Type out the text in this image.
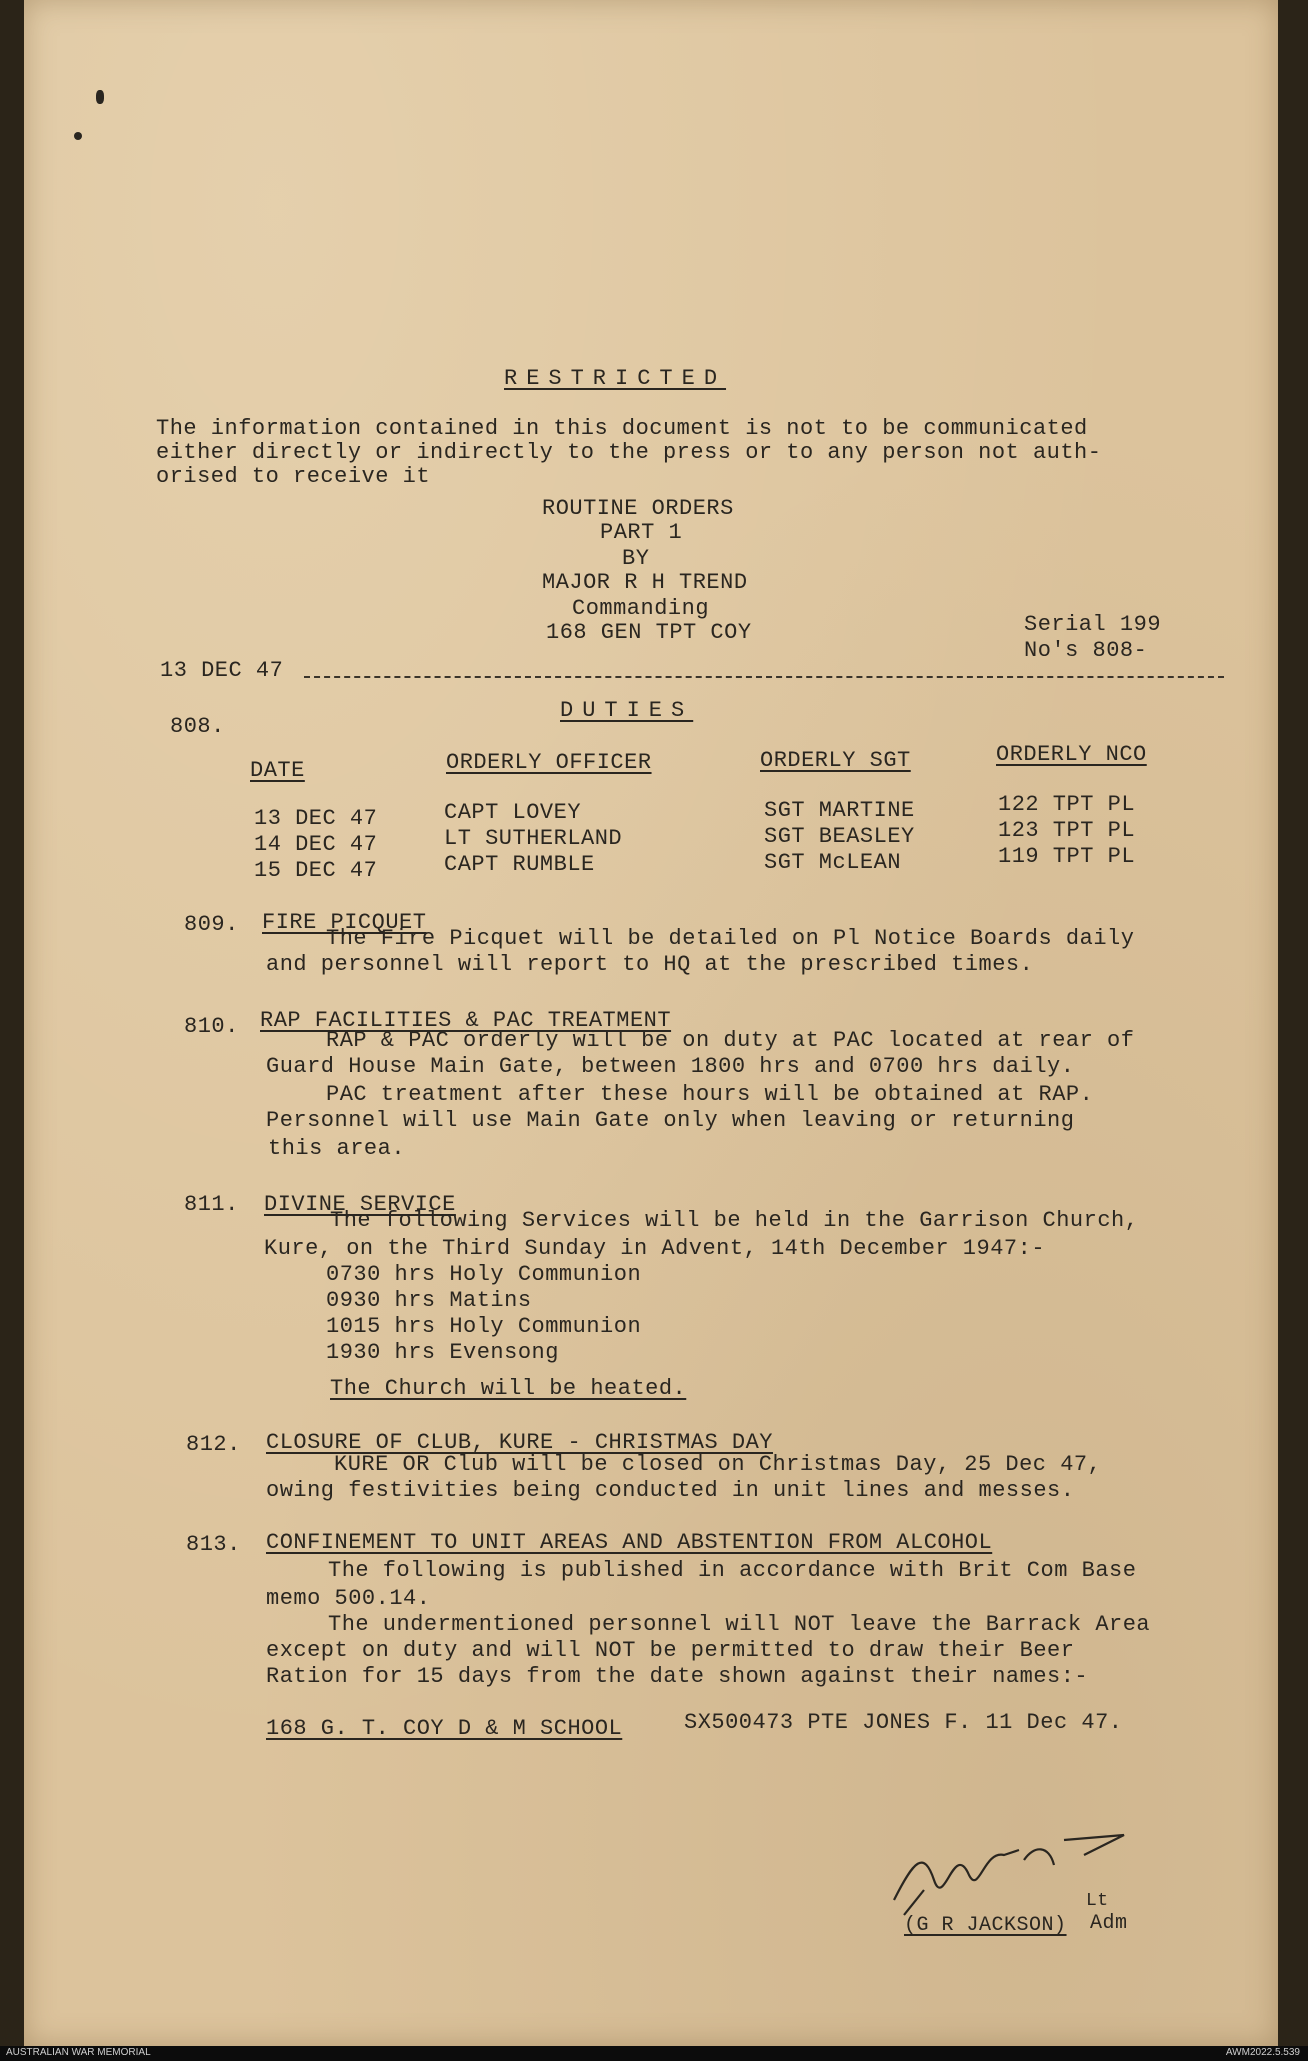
RESTRICTED
The information contained in this document is not to be communicated
either directly or indirectly to the press or to any person not auth-
orised to receive it
ROUTINE ORDERS
PART 1
BY
MAJOR R H TREND
Commanding
168 GEN TPT COY	Serial 199
No's 808-
13 DEC 47
808.
DUTIES
DATE	ORDERLY OFFICER	ORDERLY SGT	ORDERLY NCO
13 DEC 47	CAPT LOVEY	SGT MARTINE	122 TPT PL
14 DEC 47	LT SUTHERLAND	SGT BEASLEY	123 TPT PL
15 DEC 47	CAPT RUMBLE	SGT McLEAN	119 TPT PL
809. FIRE PICQUET
The Fire Picquet will be detailed on Pl Notice Boards daily
and personnel will report to HQ at the prescribed times.
810. RAP FACILITIES & PAC TREATMENT
RAP & PAC orderly will be on duty at PAC located at rear of
Guard House Main Gate, between 1800 hrs and 0700 hrs daily.
PAC treatment after these hours will be obtained at RAP.
Personnel will use Main Gate only when leaving or returning
this area.
811. DIVINE SERVICE
The following Services will be held in the Garrison Church,
Kure, on the Third Sunday in Advent, 14th December 1947:-
0730 hrs Holy Communion
0930 hrs Matins
1015 hrs Holy Communion
1930 hrs Evensong
The Church will be heated.
812. CLOSURE OF CLUB, KURE - CHRISTMAS DAY
KURE OR Club will be closed on Christmas Day, 25 Dec 47,
owing festivities being conducted in unit lines and messes.
813. CONFINEMENT TO UNIT AREAS AND ABSTENTION FROM ALCOHOL
The following is published in accordance with Brit Com Base
memo 500.14.
The undermentioned personnel will NOT leave the Barrack Area
except on duty and will NOT be permitted to draw their Beer
Ration for 15 days from the date shown against their names:-
168 G. T. COY D & M SCHOOL	SX500473 PTE JONES F. 11 Dec 47.
Lt
(G R JACKSON) Adm
AUSTRALIAN WAR MEMORIAL	AWM2022.5.539
